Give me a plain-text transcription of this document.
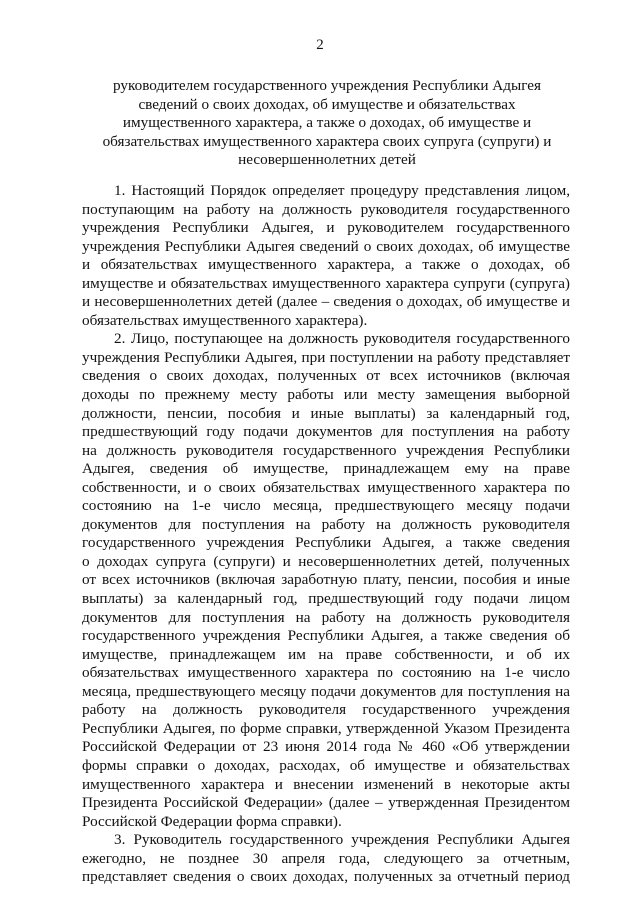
2
руководителем государственного учреждения Республики Адыгея
сведений о своих доходах, об имуществе и обязательствах
имущественного характера, а также о доходах, об имуществе и
обязательствах имущественного характера своих супруга (супруги) и
несовершеннолетних детей
1. Настоящий Порядок определяет процедуру представления лицом,
поступающим на работу на должность руководителя государственного
учреждения Республики Адыгея, и руководителем государственного
учреждения Республики Адыгея сведений о своих доходах, об имуществе
и обязательствах имущественного характера, а также о доходах, об
имуществе и обязательствах имущественного характера супруги (супруга)
и несовершеннолетних детей (далее – сведения о доходах, об имуществе и
обязательствах имущественного характера).
2. Лицо, поступающее на должность руководителя государственного
учреждения Республики Адыгея, при поступлении на работу представляет
сведения о своих доходах, полученных от всех источников (включая
доходы по прежнему месту работы или месту замещения выборной
должности, пенсии, пособия и иные выплаты) за календарный год,
предшествующий году подачи документов для поступления на работу
на должность руководителя государственного учреждения Республики
Адыгея, сведения об имуществе, принадлежащем ему на праве
собственности, и о своих обязательствах имущественного характера по
состоянию на 1-е число месяца, предшествующего месяцу подачи
документов для поступления на работу на должность руководителя
государственного учреждения Республики Адыгея, а также сведения
о доходах супруга (супруги) и несовершеннолетних детей, полученных
от всех источников (включая заработную плату, пенсии, пособия и иные
выплаты) за календарный год, предшествующий году подачи лицом
документов для поступления на работу на должность руководителя
государственного учреждения Республики Адыгея, а также сведения об
имуществе, принадлежащем им на праве собственности, и об их
обязательствах имущественного характера по состоянию на 1-е число
месяца, предшествующего месяцу подачи документов для поступления на
работу на должность руководителя государственного учреждения
Республики Адыгея, по форме справки, утвержденной Указом Президента
Российской Федерации от 23 июня 2014 года № 460 «Об утверждении
формы справки о доходах, расходах, об имуществе и обязательствах
имущественного характера и внесении изменений в некоторые акты
Президента Российской Федерации» (далее – утвержденная Президентом
Российской Федерации форма справки).
3. Руководитель государственного учреждения Республики Адыгея
ежегодно, не позднее 30 апреля года, следующего за отчетным,
представляет сведения о своих доходах, полученных за отчетный период
